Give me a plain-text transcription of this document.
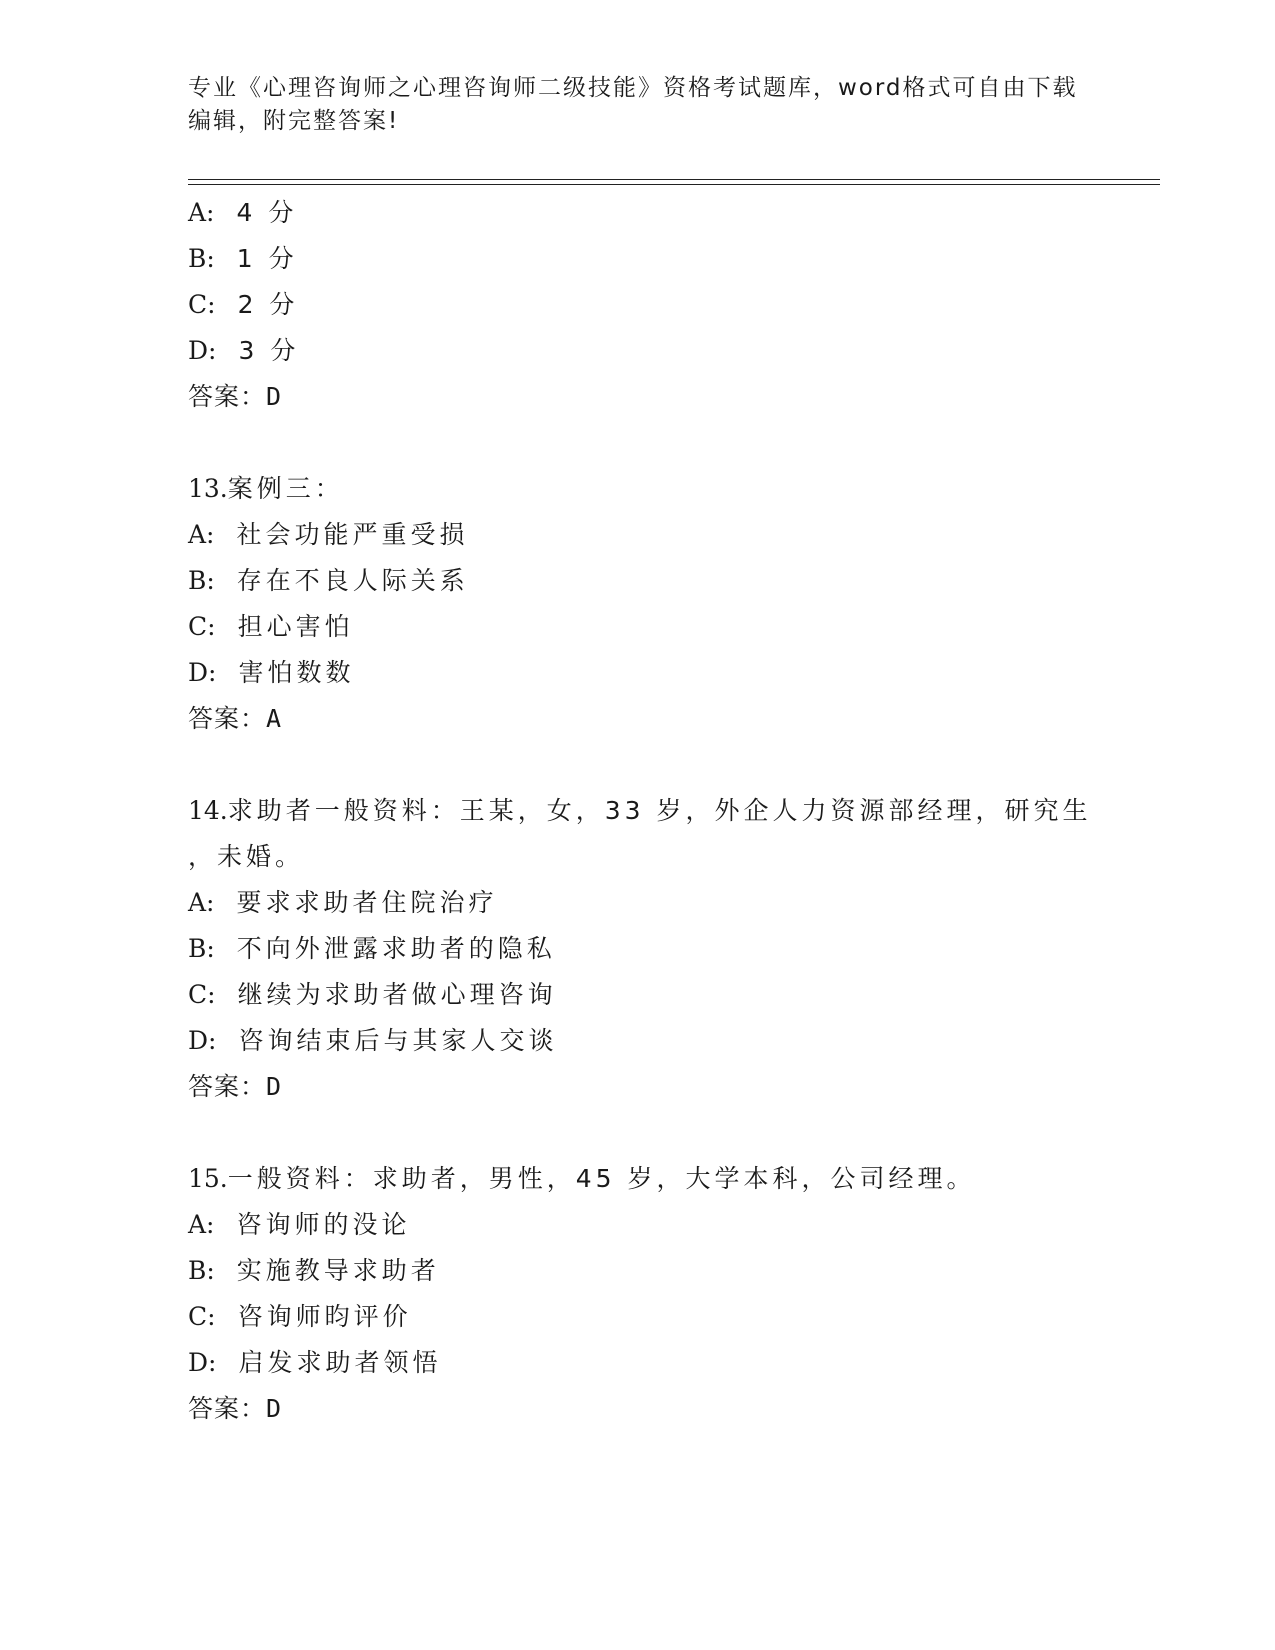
专业《心理咨询师之心理咨询师二级技能》资格考试题库，word格式可自由下载
编辑，附完整答案!

A: 4 分

B: 1 分

C: 2 分

D: 3 分

答案：D

13.案例三：

A: 社会功能严重受损

B: 存在不良人际关系

C: 担心害怕

D: 害怕数数

答案：A

14.求助者一般资料：王某，女，33 岁，外企人力资源部经理，研究生

，未婚。

A: 要求求助者住院治疗

B: 不向外泄露求助者的隐私

C: 继续为求助者做心理咨询

D: 咨询结束后与其家人交谈

答案：D

15.一般资料：求助者，男性，45 岁，大学本科，公司经理。

A: 咨询师的没论

B: 实施教导求助者

C: 咨询师昀评价

D: 启发求助者领悟

答案：D
